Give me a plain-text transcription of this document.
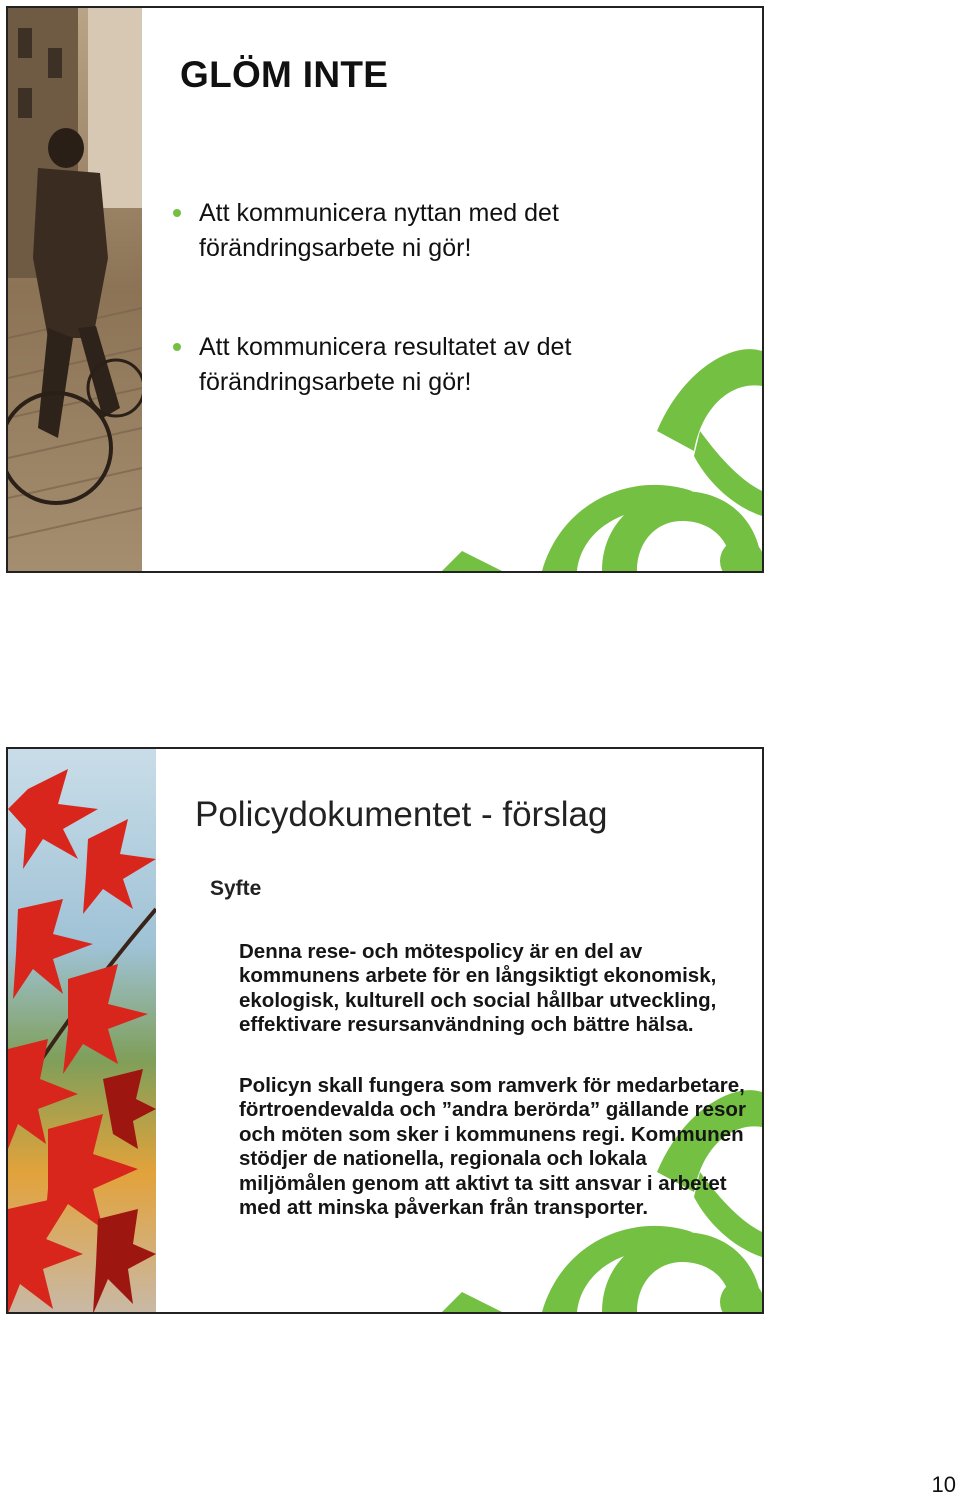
GLÖM INTE
Att kommunicera nyttan med det förändringsarbete ni gör!
Att kommunicera resultatet av det förändringsarbete ni gör!
Policydokumentet - förslag
Syfte

Denna rese- och mötespolicy är en del av kommunens arbete för en långsiktigt ekonomisk, ekologisk, kulturell och social hållbar utveckling, effektivare resursanvändning och bättre hälsa.

Policyn skall fungera som ramverk för medarbetare, förtroendevalda och ”andra berörda” gällande resor och möten som sker i kommunens regi. Kommunen stödjer de nationella, regionala och lokala miljömålen genom att aktivt ta sitt ansvar i arbetet med att minska påverkan från transporter.

10
